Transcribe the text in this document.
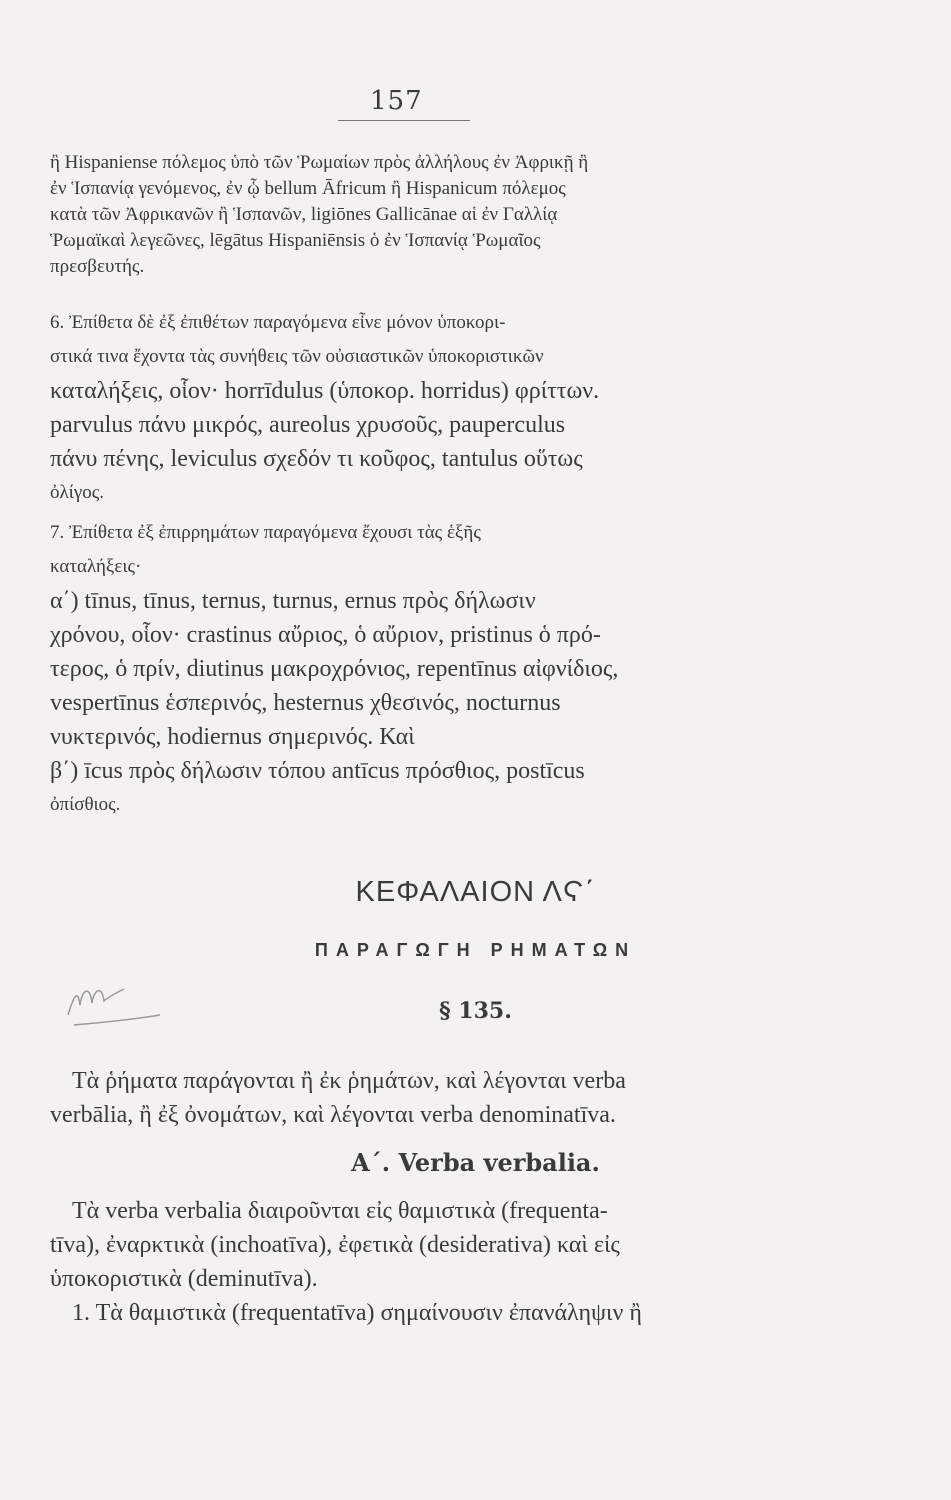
157
ἢ Hispaniense πόλεμος ὑπὸ τῶν Ῥωμαίων πρὸς ἀλλήλους ἐν Ἀφρικῇ ἢ
ἐν Ἱσπανίᾳ γενόμενος, ἐν ᾧ bellum Āfricum ἢ Hispanicum πόλεμος
κατὰ τῶν Ἀφρικανῶν ἢ Ἱσπανῶν, ligiōnes Gallicānae αἱ ἐν Γαλλίᾳ
Ῥωμαϊκαὶ λεγεῶνες, lēgātus Hispaniēnsis ὁ ἐν Ἱσπανίᾳ Ῥωμαῖος
πρεσβευτής.
6. Ἐπίθετα δὲ ἐξ ἐπιθέτων παραγόμενα εἶνε μόνον ὑποκορι-
στικά τινα ἔχοντα τὰς συνήθεις τῶν οὐσιαστικῶν ὑποκοριστικῶν
καταλήξεις, οἷον· horrīdulus (ὑποκορ. horridus) φρίττων.
parvulus πάνυ μικρός, aureolus χρυσοῦς, pauperculus
πάνυ πένης, leviculus σχεδόν τι κοῦφος, tantulus οὕτως
ὀλίγος.
7. Ἐπίθετα ἐξ ἐπιρρημάτων παραγόμενα ἔχουσι τὰς ἑξῆς
καταλήξεις·
α΄) tīnus, tīnus, ternus, turnus, ernus πρὸς δήλωσιν
χρόνου, οἷον· crastinus αὔριος, ὁ αὔριον, pristinus ὁ πρό-
τερος, ὁ πρίν, diutinus μακροχρόνιος, repentīnus αἰφνίδιος,
vespertīnus ἑσπερινός, hesternus χθεσινός, nocturnus
νυκτερινός, hodiernus σημερινός. Καὶ
β΄) īcus πρὸς δήλωσιν τόπου antīcus πρόσθιος, postīcus
ὀπίσθιος.
ΚΕΦΑΛΑΙΟΝ ΛϚ΄
ΠΑΡΑΓΩΓΗ ΡΗΜΑΤΩΝ
§ 135.
Τὰ ῥήματα παράγονται ἢ ἐκ ῥημάτων, καὶ λέγονται verba
verbālia, ἢ ἐξ ὀνομάτων, καὶ λέγονται verba denominatīva.
Α΄. Verba verbalia.
Τὰ verba verbalia διαιροῦνται εἰς θαμιστικὰ (frequenta-
tīva), ἐναρκτικὰ (inchoatīva), ἐφετικὰ (desiderativa) καὶ εἰς
ὑποκοριστικὰ (deminutīva).
1. Τὰ θαμιστικὰ (frequentatīva) σημαίνουσιν ἐπανάληψιν ἢ
